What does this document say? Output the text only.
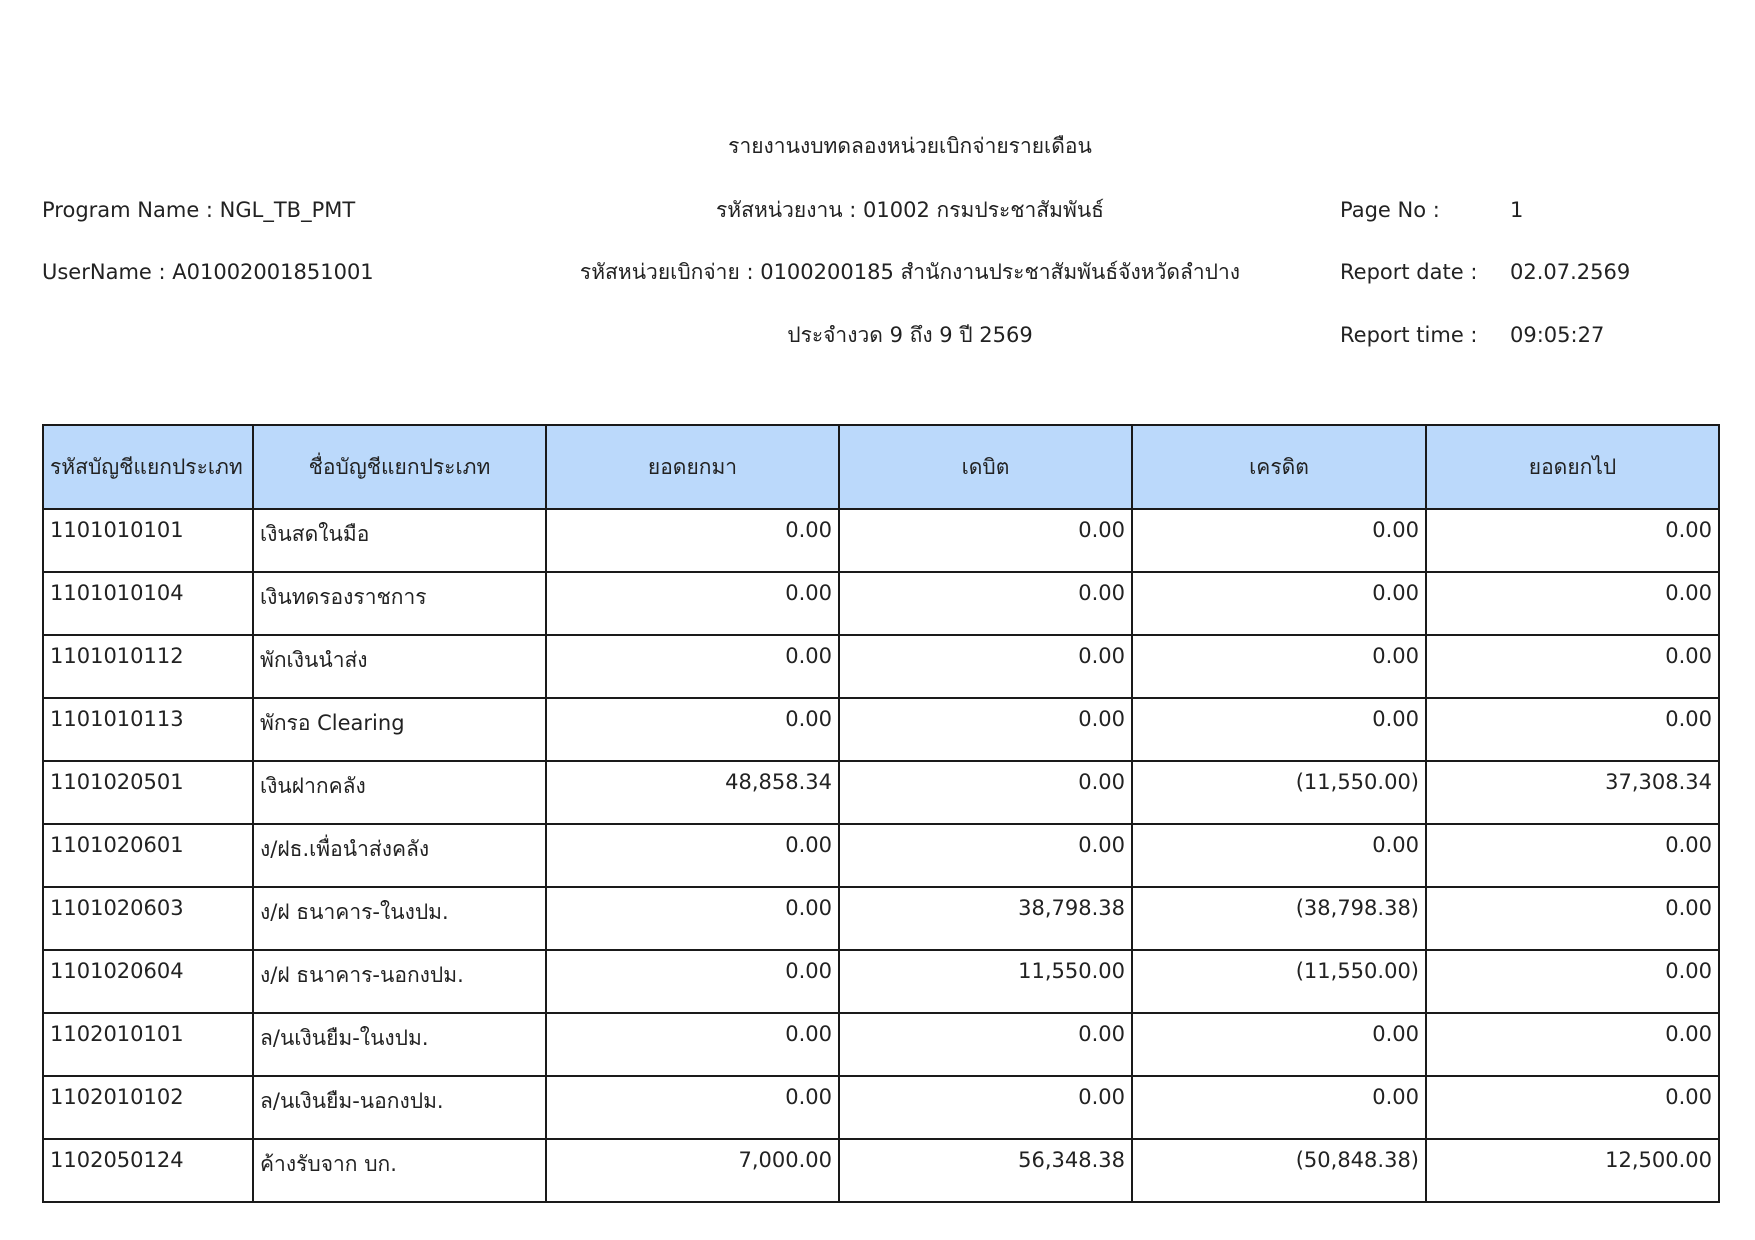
รายงานงบทดลองหน่วยเบิกจ่ายรายเดือน
Program Name : NGL_TB_PMT	รหัสหน่วยงาน : 01002 กรมประชาสัมพันธ์	Page No :	1
UserName : A01002001851001	รหัสหน่วยเบิกจ่าย : 0100200185 สำนักงานประชาสัมพันธ์จังหวัดลำปาง	Report date : 02.07.2569
ประจำงวด 9 ถึง 9 ปี 2569	Report time : 09:05:27
รหัสบัญชีแยกประเภท	ชื่อบัญชีแยกประเภท	ยอดยกมา	เดบิต	เครดิต	ยอดยกไป
1101010101	เงินสดในมือ	0.00	0.00	0.00	0.00
1101010104	เงินทดรองราชการ	0.00	0.00	0.00	0.00
1101010112	พักเงินนำส่ง	0.00	0.00	0.00	0.00
1101010113	พักรอ Clearing	0.00	0.00	0.00	0.00
1101020501	เงินฝากคลัง	48,858.34	0.00	(11,550.00)	37,308.34
1101020601	ง/ฝธ.เพื่อนำส่งคลัง	0.00	0.00	0.00	0.00
1101020603	ง/ฝ ธนาคาร-ในงปม.	0.00	38,798.38	(38,798.38)	0.00
1101020604	ง/ฝ ธนาคาร-นอกงปม.	0.00	11,550.00	(11,550.00)	0.00
1102010101	ล/นเงินยืม-ในงปม.	0.00	0.00	0.00	0.00
1102010102	ล/นเงินยืม-นอกงปม.	0.00	0.00	0.00	0.00
1102050124	ค้างรับจาก บก.	7,000.00	56,348.38	(50,848.38)	12,500.00
